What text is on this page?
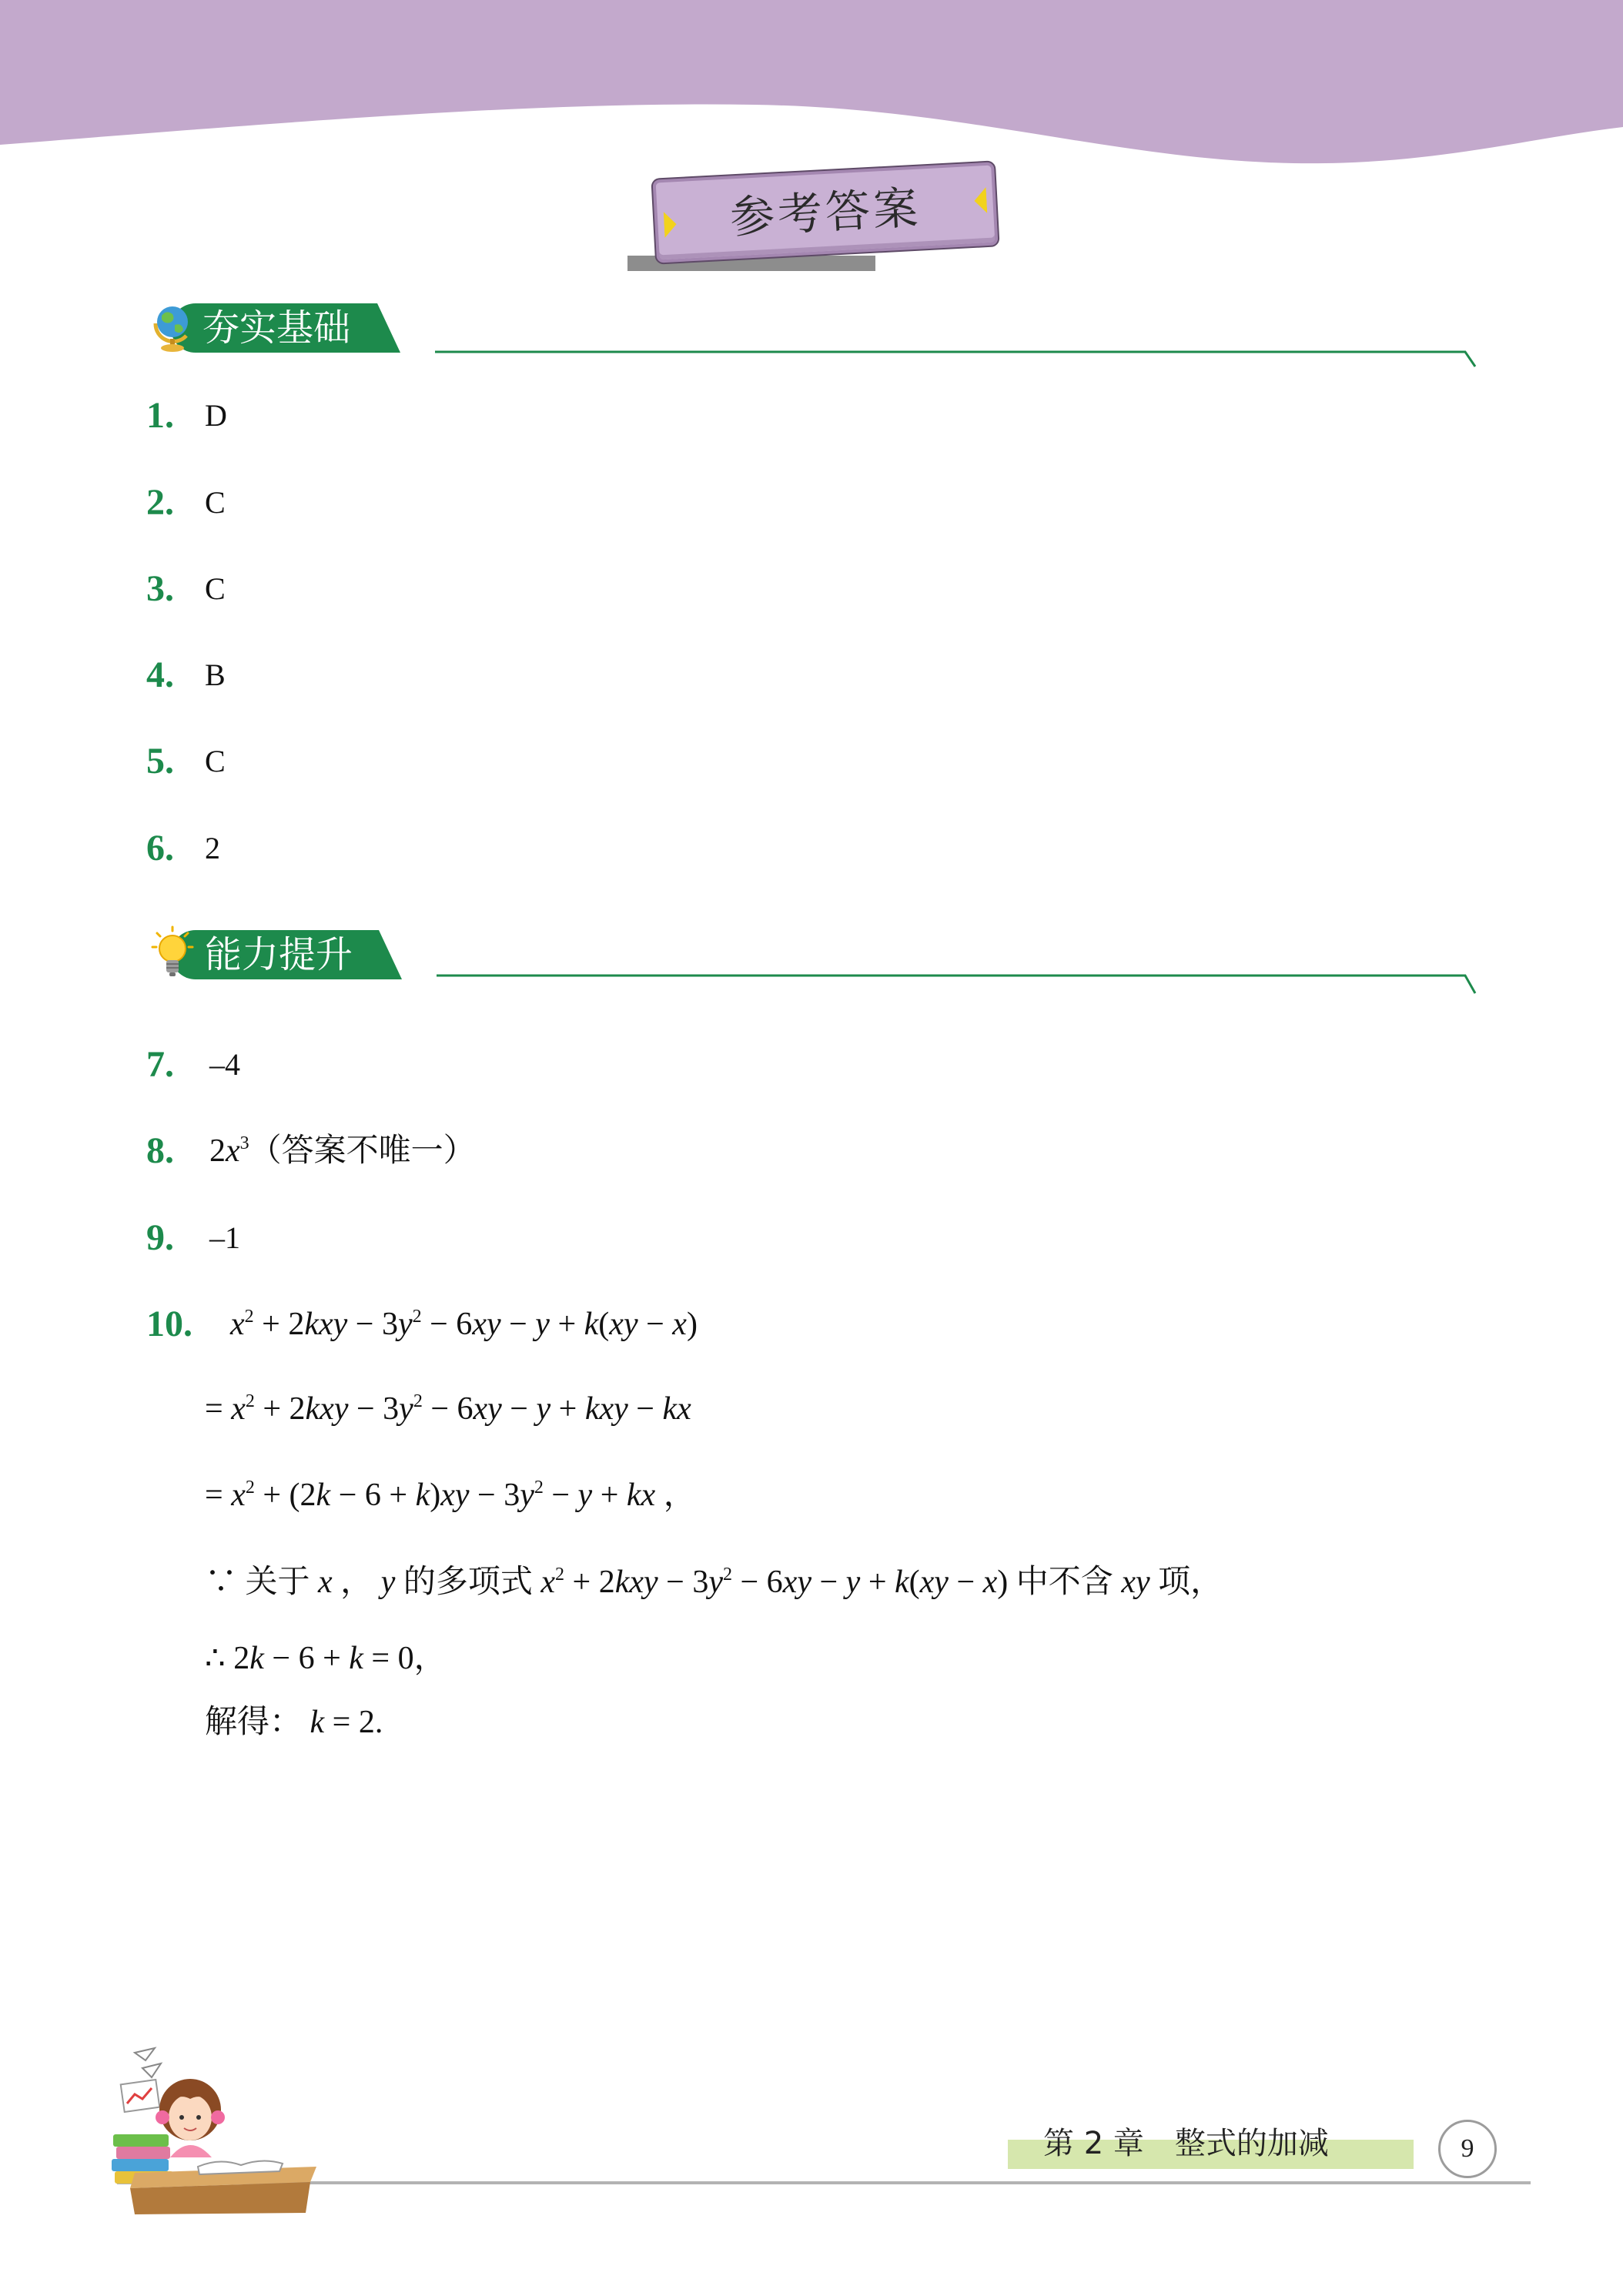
参考答案
夯实基础
1. D
2. C
3. C
4. B
5. C
6. 2
能力提升
7. –4
8. $2x^3$（答案不唯一）
9. –1
10. $x^2 + 2kxy - 3y^2 - 6xy - y + k(xy - x)$
= $x^2 + 2kxy - 3y^2 - 6xy - y$ + kxy − kx
= $x^2 + (2k - 6 + k)xy - 3y^2 - y$ + kx ，
∵ 关于 x ， y 的多项式 $x^2 + 2kxy - 3y^2 - 6xy - y + k(xy - x)$ 中不含 xy 项，
∴ 2k − 6 + k = 0，
解得： k = 2.
第 2 章　整式的加减	9
